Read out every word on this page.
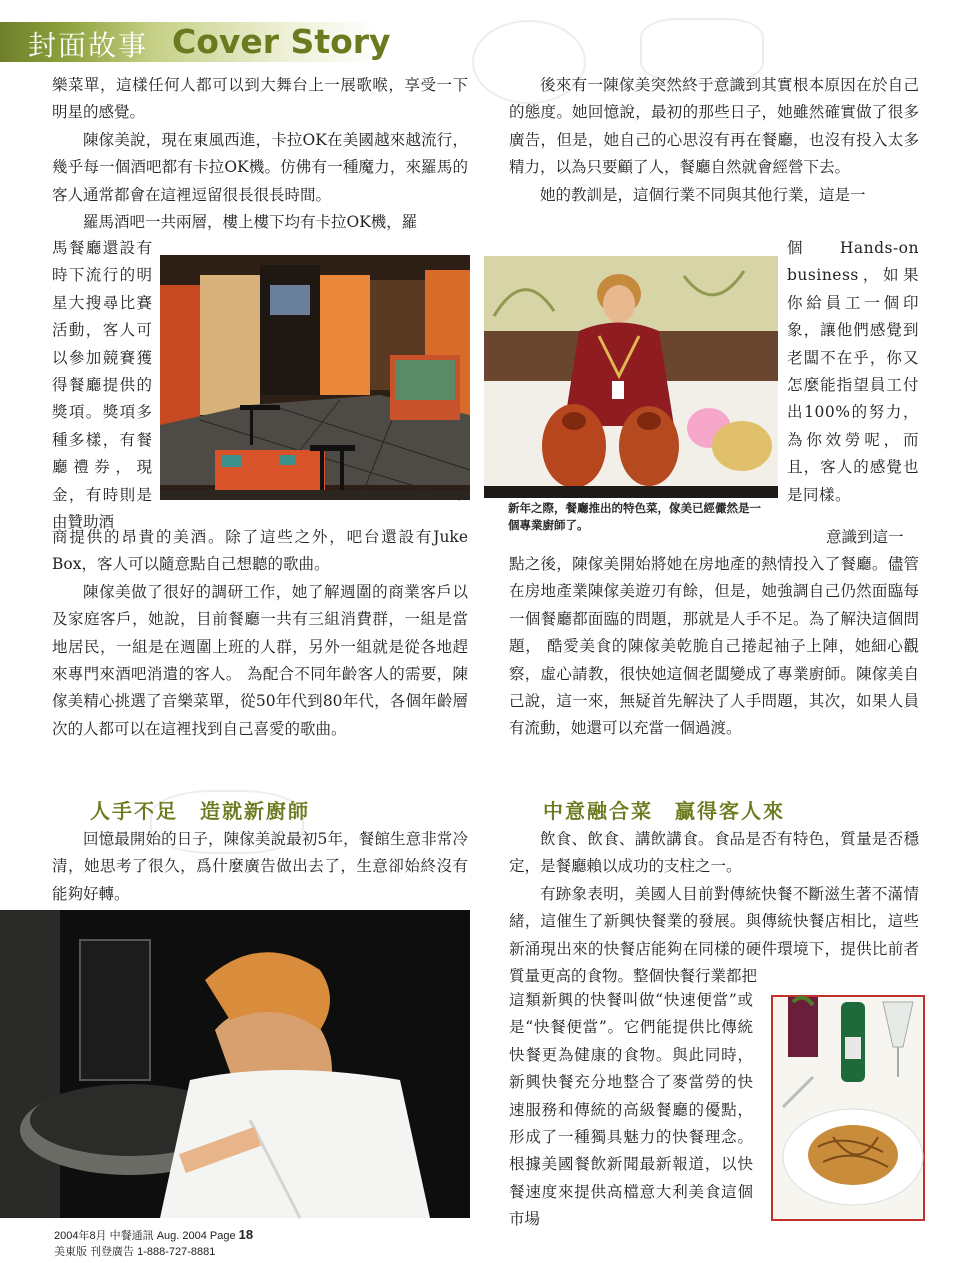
封面故事 Cover Story

樂菜單，這樣任何人都可以到大舞台上一展歌喉，享受一下明星的感覺。

陳傢美說，現在東風西進，卡拉OK在美國越來越流行，幾乎每一個酒吧都有卡拉OK機。仿佛有一種魔力，來羅馬的客人通常都會在這裡逗留很長很長時間。

羅馬酒吧一共兩層，樓上樓下均有卡拉OK機，羅

馬餐廳還設有時下流行的明星大搜尋比賽活動，客人可以參加競賽獲得餐廳提供的獎項。獎項多種多樣，有餐廳禮券，現金，有時則是由贊助酒

後來有一陳傢美突然終于意識到其實根本原因在於自己的態度。她回憶說，最初的那些日子，她雖然確實做了很多廣告，但是，她自己的心思沒有再在餐廳，也沒有投入太多精力，以為只要顧了人，餐廳自然就會經營下去。

她的教訓是，這個行業不同與其他行業，這是一

個Hands-on business，如果你給員工一個印象，讓他們感覺到老闆不在乎，你又怎麼能指望員工付出100%的努力，為你效勞呢，而且，客人的感覺也是同樣。
新年之際，餐廳推出的特色菜，傢美已經儼然是一個專業廚師了。
意識到這一

商提供的昂貴的美酒。除了這些之外，吧台還設有Juke Box，客人可以隨意點自己想聽的歌曲。

陳傢美做了很好的調研工作，她了解週圍的商業客戶以及家庭客戶，她說，目前餐廳一共有三組消費群，一組是當地居民，一組是在週圍上班的人群，另外一組就是從各地趕來專門來酒吧消遣的客人。 為配合不同年齡客人的需要，陳傢美精心挑選了音樂菜單，從50年代到80年代，各個年齡層次的人都可以在這裡找到自己喜愛的歌曲。

點之後，陳傢美開始將她在房地產的熱情投入了餐廳。儘管在房地產業陳傢美遊刃有餘，但是，她強調自己仍然面臨每一個餐廳都面臨的問題，那就是人手不足。為了解決這個問題， 酷愛美食的陳傢美乾脆自己捲起袖子上陣，她細心觀察，虛心請教，很快她這個老闆變成了專業廚師。陳傢美自己說，這一來，無疑首先解決了人手問題，其次，如果人員有流動，她還可以充當一個過渡。

人手不足　造就新廚師	中意融合菜　贏得客人來

回憶最開始的日子，陳傢美說最初5年，餐館生意非常冷清，她思考了很久，爲什麼廣告做出去了，生意卻始終沒有能夠好轉。

飲食、飲食、講飲講食。食品是否有特色，質量是否穩定，是餐廳賴以成功的支柱之一。

有跡象表明，美國人目前對傳統快餐不斷滋生著不滿情緒，這催生了新興快餐業的發展。與傳統快餐店相比，這些新涌現出來的快餐店能夠在同樣的硬件環境下，提供比前者質量更高的食物。整個快餐行業都把

這類新興的快餐叫做“快速便當”或是“快餐便當”。它們能提供比傳統快餐更為健康的食物。與此同時，新興快餐充分地整合了麥當勞的快速服務和傳統的高級餐廳的優點，形成了一種獨具魅力的快餐理念。根據美國餐飲新聞最新報道，以快餐速度來提供高檔意大利美食這個市場

2004年8月 中餐通訊 Aug. 2004 Page 18
美東版 刊登廣告 1-888-727-8881
